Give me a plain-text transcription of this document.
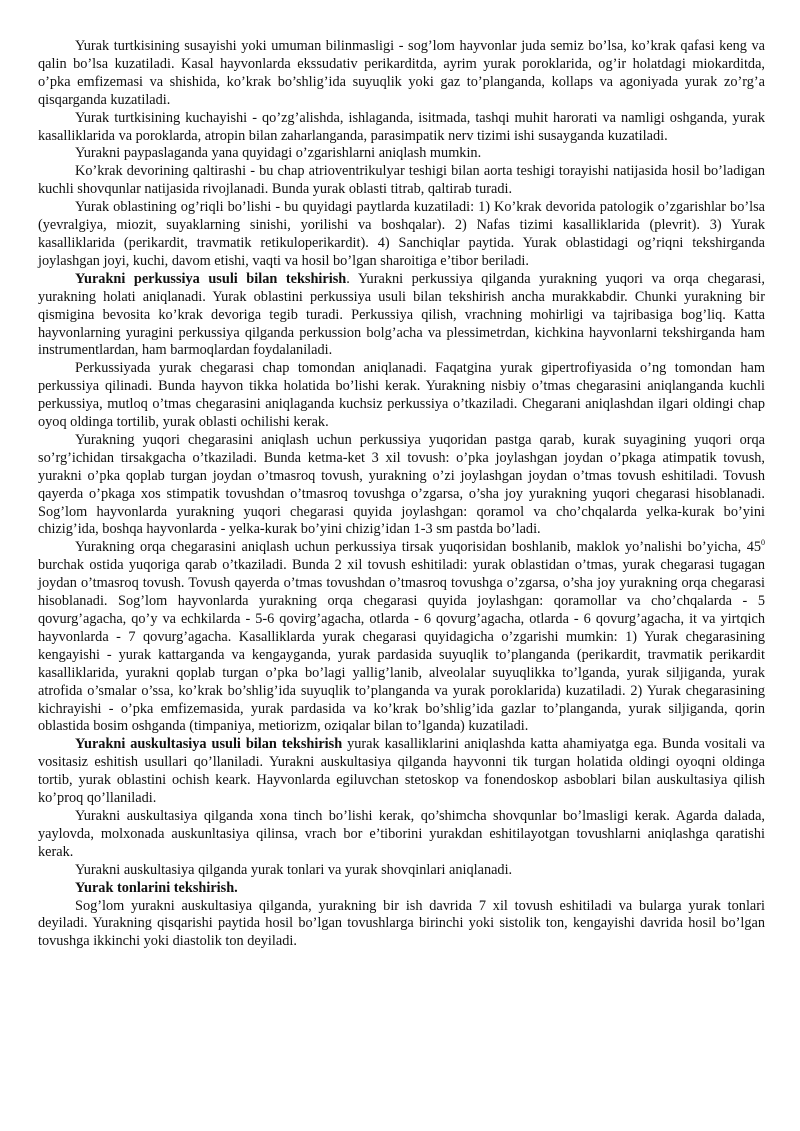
Yurak turtkisining susayishi yoki umuman bilinmasligi - sog’lom hayvonlar juda semiz bo’lsa, ko’krak qafasi keng va qalin bo’lsa kuzatiladi. Kasal hayvonlarda ekssudativ perikarditda, ayrim yurak poroklarida, og’ir holatdagi miokarditda, o’pka emfizemasi va shishida, ko’krak bo’shlig’ida suyuqlik yoki gaz to’planganda, kollaps va agoniyada yurak zo’rg’a qisqarganda kuzatiladi.

Yurak turtkisining kuchayishi - qo’zg’alishda, ishlaganda, isitmada, tashqi muhit harorati va namligi oshganda, yurak kasalliklarida va poroklarda, atropin bilan zaharlanganda, parasimpatik nerv tizimi ishi susayganda kuzatiladi.

Yurakni paypaslaganda yana quyidagi o’zgarishlarni aniqlash mumkin.

Ko’krak devorining qaltirashi - bu chap atrioventrikulyar teshigi bilan aorta teshigi torayishi natijasida hosil bo’ladigan kuchli shovqunlar natijasida rivojlanadi. Bunda yurak oblasti titrab, qaltirab turadi.

Yurak oblastining og’riqli bo’lishi - bu quyidagi paytlarda kuzatiladi: 1) Ko’krak devorida patologik o’zgarishlar bo’lsa (yevralgiya, miozit, suyaklarning sinishi, yorilishi va boshqalar). 2) Nafas tizimi kasalliklarida (plevrit). 3) Yurak kasalliklarida (perikardit, travmatik retikuloperikardit). 4) Sanchiqlar paytida. Yurak oblastidagi og’riqni tekshirganda joylashgan joyi, kuchi, davom etishi, vaqti va hosil bo’lgan sharoitiga e’tibor beriladi.

Yurakni perkussiya usuli bilan tekshirish. Yurakni perkussiya qilganda yurakning yuqori va orqa chegarasi, yurakning holati aniqlanadi. Yurak oblastini perkussiya usuli bilan tekshirish ancha murakkabdir. Chunki yurakning bir qismigina bevosita ko’krak devoriga tegib turadi. Perkussiya qilish, vrachning mohirligi va tajribasiga bog’liq. Katta hayvonlarning yuragini perkussiya qilganda perkussion bolg’acha va plessimetrdan, kichkina hayvonlarni tekshirganda ham instrumentlardan, ham barmoqlardan foydalaniladi.

Perkussiyada yurak chegarasi chap tomondan aniqlanadi. Faqatgina yurak gipertrofiyasida o’ng tomondan ham perkussiya qilinadi. Bunda hayvon tikka holatida bo’lishi kerak. Yurakning nisbiy o’tmas chegarasini aniqlanganda kuchli perkussiya, mutloq o’tmas chegarasini aniqlaganda kuchsiz perkussiya o’tkaziladi. Chegarani aniqlashdan ilgari oldingi chap oyoq oldinga tortilib, yurak oblasti ochilishi kerak.

Yurakning yuqori chegarasini aniqlash uchun perkussiya yuqoridan pastga qarab, kurak suyagining yuqori orqa so’rg’ichidan tirsakgacha o’tkaziladi. Bunda ketma-ket 3 xil tovush: o’pka joylashgan joydan o’pkaga atimpatik tovush, yurakni o’pka qoplab turgan joydan o’tmasroq tovush, yurakning o’zi joylashgan joydan o’tmas tovush eshitiladi. Tovush qayerda o’pkaga xos stimpatik tovushdan o’tmasroq tovushga o’zgarsa, o’sha joy yurakning yuqori chegarasi hisoblanadi. Sog’lom hayvonlarda yurakning yuqori chegarasi quyida joylashgan: qoramol va cho’chqalarda yelka-kurak bo’yini chizig’ida, boshqa hayvonlarda - yelka-kurak bo’yini chizig’idan 1-3 sm pastda bo’ladi.

Yurakning orqa chegarasini aniqlash uchun perkussiya tirsak yuqorisidan boshlanib, maklok yo’nalishi bo’yicha, $45^0$ burchak ostida yuqoriga qarab o’tkaziladi. Bunda 2 xil tovush eshitiladi: yurak oblastidan o’tmas, yurak chegarasi tugagan joydan o’tmasroq tovush. Tovush qayerda o’tmas tovushdan o’tmasroq tovushga o’zgarsa, o’sha joy yurakning orqa chegarasi hisoblanadi. Sog’lom hayvonlarda yurakning orqa chegarasi quyida joylashgan: qoramollar va cho’chqalarda - 5 qovurg’agacha, qo’y va echkilarda - 5-6 qovirg’agacha, otlarda - 6 qovurg’agacha, otlarda - 6 qovurg’agacha, it va yirtqich hayvonlarda - 7 qovurg’agacha. Kasalliklarda yurak chegarasi quyidagicha o’zgarishi mumkin: 1) Yurak chegarasining kengayishi - yurak kattarganda va kengayganda, yurak pardasida suyuqlik to’planganda (perikardit, travmatik perikardit kasalliklarida, yurakni qoplab turgan o’pka bo’lagi yallig’lanib, alveolalar suyuqlikka to’lganda, yurak siljiganda, yurak atrofida o’smalar o’ssa, ko’krak bo’shlig’ida suyuqlik to’planganda va yurak poroklarida) kuzatiladi. 2) Yurak chegarasining kichrayishi - o’pka emfizemasida, yurak pardasida va ko’krak bo’shlig’ida gazlar to’planganda, yurak siljiganda, qorin oblastida bosim oshganda (timpaniya, metiorizm, oziqalar bilan to’lganda) kuzatiladi.

Yurakni auskultasiya usuli bilan tekshirish yurak kasalliklarini aniqlashda katta ahamiyatga ega. Bunda vositali va vositasiz eshitish usullari qo’llaniladi. Yurakni auskultasiya qilganda hayvonni tik turgan holatida oldingi oyoqni oldinga tortib, yurak oblastini ochish keark. Hayvonlarda egiluvchan stetoskop va fonendoskop asboblari bilan auskultasiya qilish ko’proq qo’llaniladi.

Yurakni auskultasiya qilganda xona tinch bo’lishi kerak, qo’shimcha shovqunlar bo’lmasligi kerak. Agarda dalada, yaylovda, molxonada auskunltasiya qilinsa, vrach bor e’tiborini yurakdan eshitilayotgan tovushlarni aniqlashga qaratishi kerak.

Yurakni auskultasiya qilganda yurak tonlari va yurak shovqinlari aniqlanadi.

Yurak tonlarini tekshirish.

Sog’lom yurakni auskultasiya qilganda, yurakning bir ish davrida 7 xil tovush eshitiladi va bularga yurak tonlari deyiladi. Yurakning qisqarishi paytida hosil bo’lgan tovushlarga birinchi yoki sistolik ton, kengayishi davrida hosil bo’lgan tovushga ikkinchi yoki diastolik ton deyiladi.
